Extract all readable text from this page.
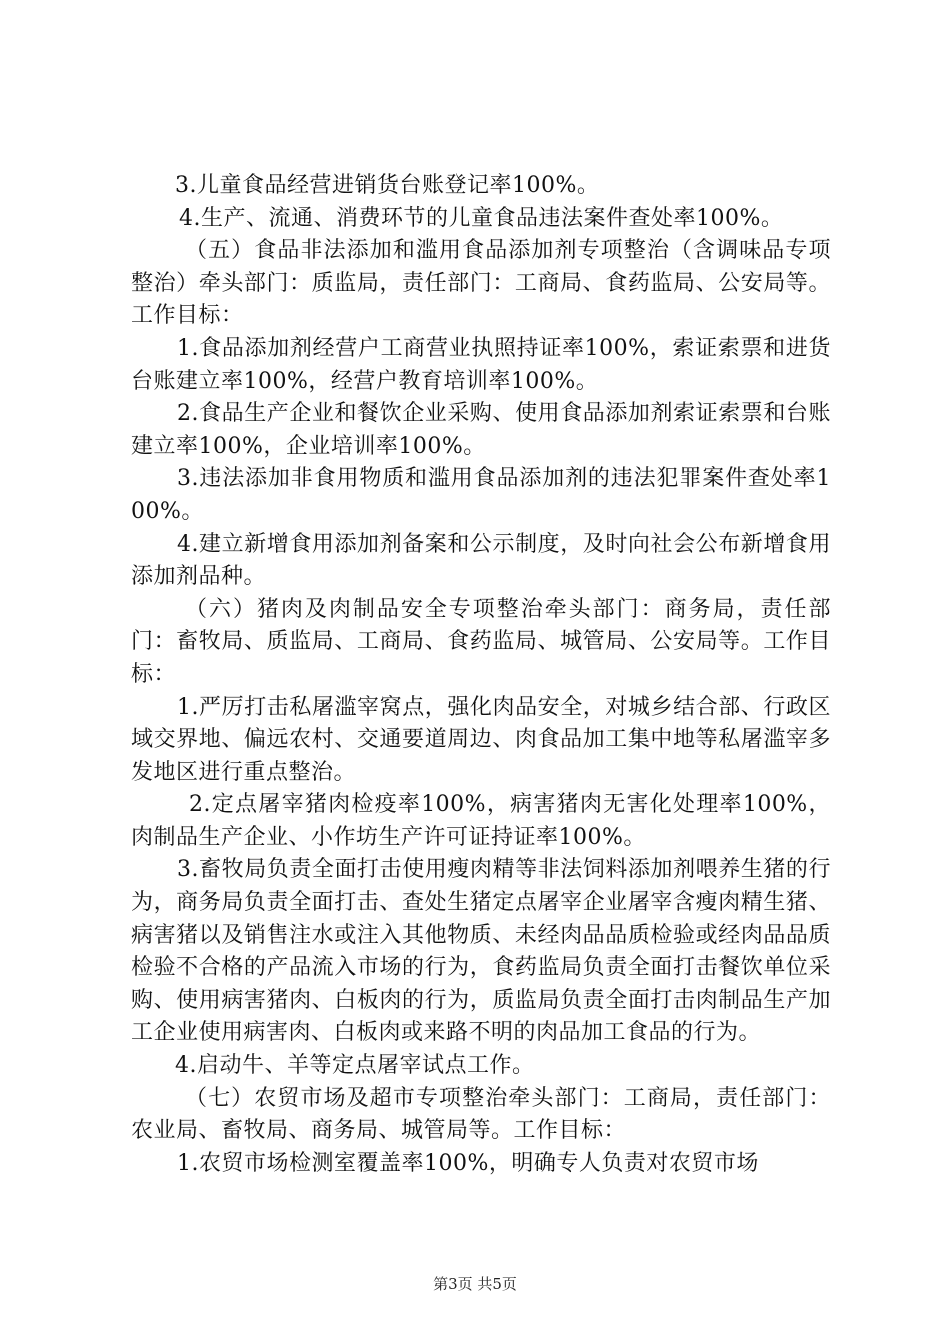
3.儿童食品经营进销货台账登记率100%。

4.生产、流通、消费环节的儿童食品违法案件查处率100%。

（五）食品非法添加和滥用食品添加剂专项整治（含调味品专项整治）牵头部门：质监局，责任部门：工商局、食药监局、公安局等。工作目标：

1.食品添加剂经营户工商营业执照持证率100%，索证索票和进货台账建立率100%，经营户教育培训率100%。

2.食品生产企业和餐饮企业采购、使用食品添加剂索证索票和台账建立率100%，企业培训率100%。

3.违法添加非食用物质和滥用食品添加剂的违法犯罪案件查处率100%。

4.建立新增食用添加剂备案和公示制度，及时向社会公布新增食用添加剂品种。

（六）猪肉及肉制品安全专项整治牵头部门：商务局，责任部门：畜牧局、质监局、工商局、食药监局、城管局、公安局等。工作目标：

1.严厉打击私屠滥宰窝点，强化肉品安全，对城乡结合部、行政区域交界地、偏远农村、交通要道周边、肉食品加工集中地等私屠滥宰多发地区进行重点整治。

2.定点屠宰猪肉检疫率100%，病害猪肉无害化处理率100%，肉制品生产企业、小作坊生产许可证持证率100%。

3.畜牧局负责全面打击使用瘦肉精等非法饲料添加剂喂养生猪的行为，商务局负责全面打击、查处生猪定点屠宰企业屠宰含瘦肉精生猪、病害猪以及销售注水或注入其他物质、未经肉品品质检验或经肉品品质检验不合格的产品流入市场的行为，食药监局负责全面打击餐饮单位采购、使用病害猪肉、白板肉的行为，质监局负责全面打击肉制品生产加工企业使用病害肉、白板肉或来路不明的肉品加工食品的行为。

4.启动牛、羊等定点屠宰试点工作。

（七）农贸市场及超市专项整治牵头部门：工商局，责任部门：农业局、畜牧局、商务局、城管局等。工作目标：

1.农贸市场检测室覆盖率100%，明确专人负责对农贸市场

第3页 共5页
